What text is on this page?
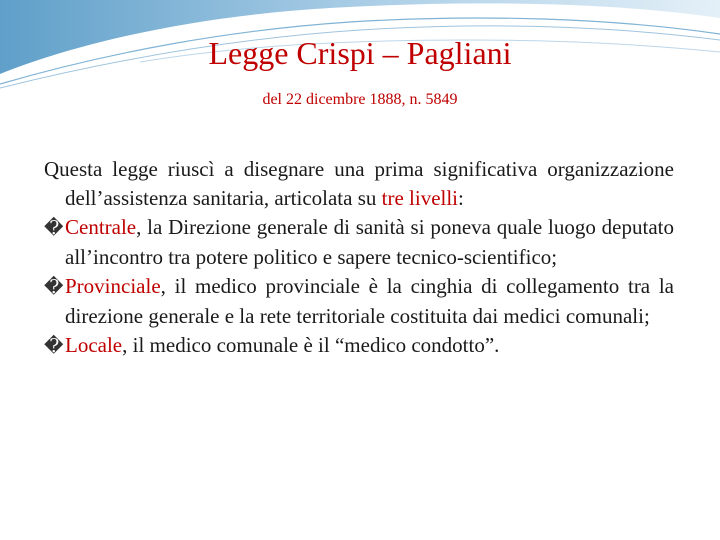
Legge Crispi – Pagliani
del 22 dicembre 1888, n. 5849

Questa legge riuscì a disegnare una prima significativa organizzazione dell’assistenza sanitaria, articolata su tre livelli:

�Centrale, la Direzione generale di sanità si poneva quale luogo deputato all’incontro tra potere politico e sapere tecnico-scientifico;

�Provinciale, il medico provinciale è la cinghia di collegamento tra la direzione generale e la rete territoriale costituita dai medici comunali;

�Locale, il medico comunale è il “medico condotto”.
